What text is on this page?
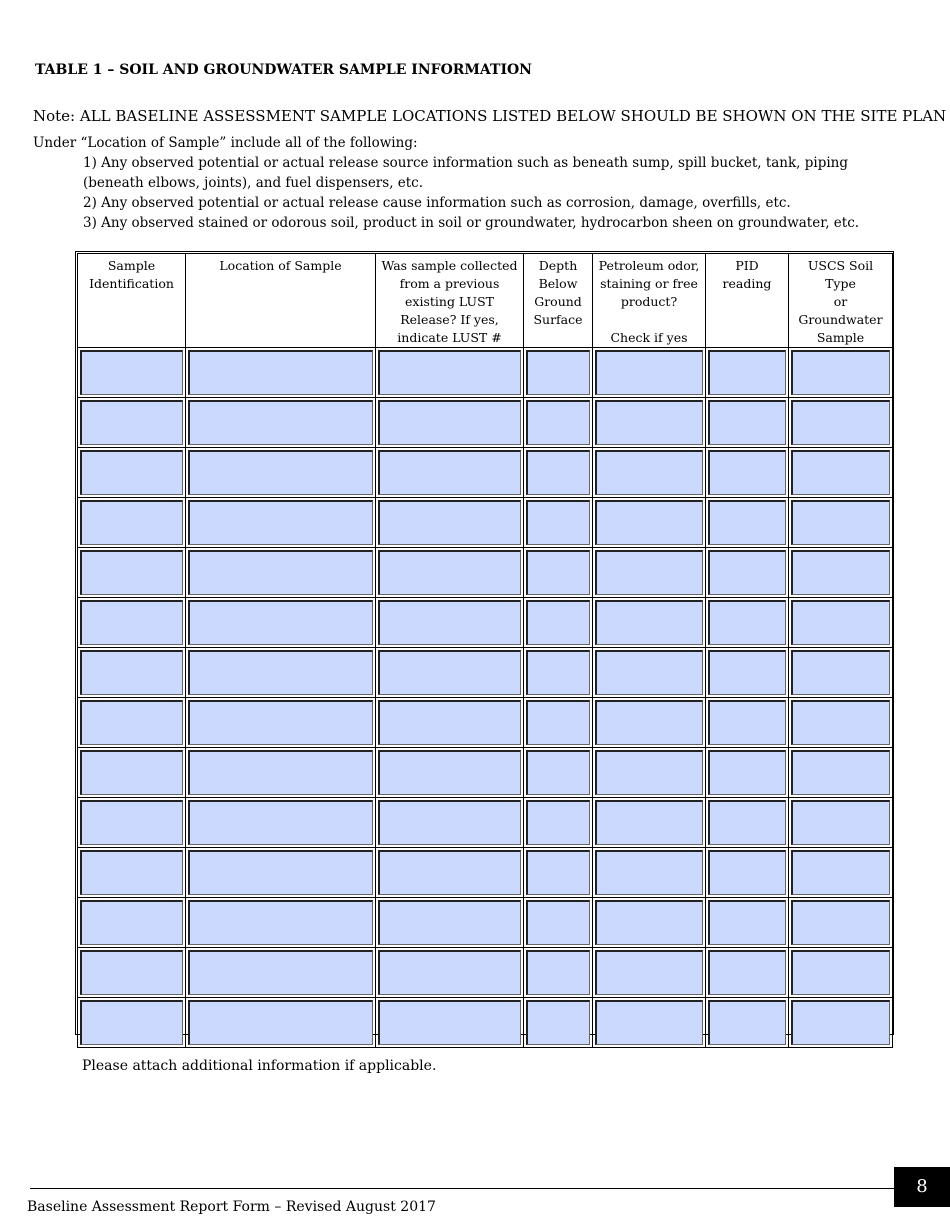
TABLE 1 – SOIL AND GROUNDWATER SAMPLE INFORMATION
Note: ALL BASELINE ASSESSMENT SAMPLE LOCATIONS LISTED BELOW SHOULD BE SHOWN ON THE SITE PLAN
Under “Location of Sample” include all of the following:
1) Any observed potential or actual release source information such as beneath sump, spill bucket, tank, piping (beneath elbows, joints), and fuel dispensers, etc.
2) Any observed potential or actual release cause information such as corrosion, damage, overfills, etc.
3) Any observed stained or odorous soil, product in soil or groundwater, hydrocarbon sheen on groundwater, etc.
Sample
Identification	Location of Sample	Was sample collected
from a previous
existing LUST
Release? If yes,
indicate LUST #	Depth
Below
Ground
Surface	Petroleum odor,
staining or free
product?

Check if yes	PID
reading	USCS Soil Type
or
Groundwater
Sample

Please attach additional information if applicable.
8
Baseline Assessment Report Form – Revised August 2017
